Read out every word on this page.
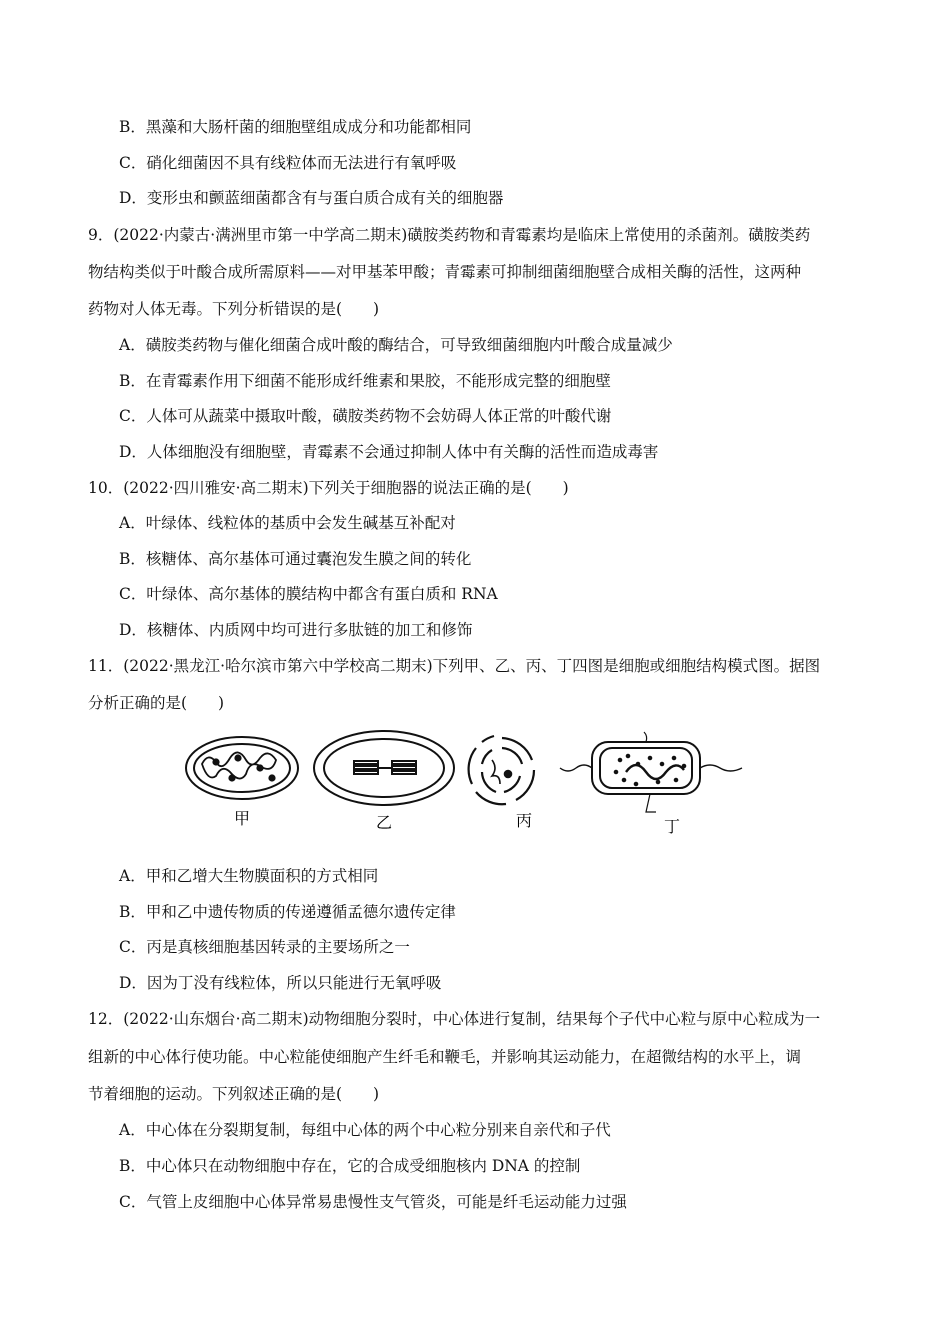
B．黑藻和大肠杆菌的细胞壁组成成分和功能都相同
C．硝化细菌因不具有线粒体而无法进行有氧呼吸
D．变形虫和颤蓝细菌都含有与蛋白质合成有关的细胞器
9．(2022·内蒙古·满洲里市第一中学高二期末)磺胺类药物和青霉素均是临床上常使用的杀菌剂。磺胺类药
物结构类似于叶酸合成所需原料——对甲基苯甲酸；青霉素可抑制细菌细胞壁合成相关酶的活性，这两种
药物对人体无毒。下列分析错误的是(　　)
A．磺胺类药物与催化细菌合成叶酸的酶结合，可导致细菌细胞内叶酸合成量减少
B．在青霉素作用下细菌不能形成纤维素和果胶，不能形成完整的细胞壁
C．人体可从蔬菜中摄取叶酸，磺胺类药物不会妨碍人体正常的叶酸代谢
D．人体细胞没有细胞壁，青霉素不会通过抑制人体中有关酶的活性而造成毒害
10．(2022·四川雅安·高二期末)下列关于细胞器的说法正确的是(　　)
A．叶绿体、线粒体的基质中会发生碱基互补配对
B．核糖体、高尔基体可通过囊泡发生膜之间的转化
C．叶绿体、高尔基体的膜结构中都含有蛋白质和 RNA
D．核糖体、内质网中均可进行多肽链的加工和修饰
11．(2022·黑龙江·哈尔滨市第六中学校高二期末)下列甲、乙、丙、丁四图是细胞或细胞结构模式图。据图
分析正确的是(　　)
甲	乙	丙	丁
A．甲和乙增大生物膜面积的方式相同
B．甲和乙中遗传物质的传递遵循孟德尔遗传定律
C．丙是真核细胞基因转录的主要场所之一
D．因为丁没有线粒体，所以只能进行无氧呼吸
12．(2022·山东烟台·高二期末)动物细胞分裂时，中心体进行复制，结果每个子代中心粒与原中心粒成为一
组新的中心体行使功能。中心粒能使细胞产生纤毛和鞭毛，并影响其运动能力，在超微结构的水平上，调
节着细胞的运动。下列叙述正确的是(　　)
A．中心体在分裂期复制，每组中心体的两个中心粒分别来自亲代和子代
B．中心体只在动物细胞中存在，它的合成受细胞核内 DNA 的控制
C．气管上皮细胞中心体异常易患慢性支气管炎，可能是纤毛运动能力过强
